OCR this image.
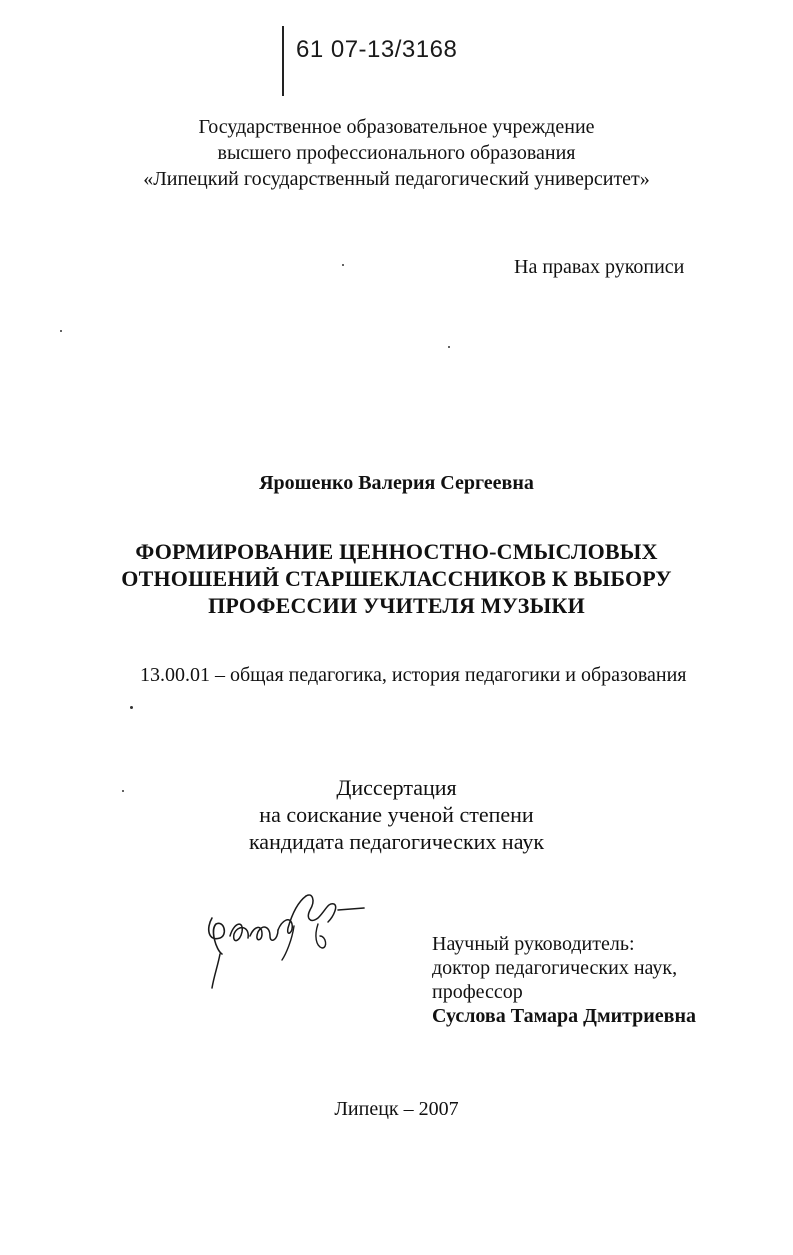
61 07-13/3168
Государственное образовательное учреждение
высшего профессионального образования
«Липецкий государственный педагогический университет»
На правах рукописи
Ярошенко Валерия Сергеевна
ФОРМИРОВАНИЕ ЦЕННОСТНО-СМЫСЛОВЫХ
ОТНОШЕНИЙ СТАРШЕКЛАССНИКОВ К ВЫБОРУ
ПРОФЕССИИ УЧИТЕЛЯ МУЗЫКИ
13.00.01 – общая педагогика, история педагогики и образования
Диссертация
на соискание ученой степени
кандидата педагогических наук
Научный руководитель:
доктор педагогических наук,
профессор
Суслова Тамара Дмитриевна
Липецк – 2007
